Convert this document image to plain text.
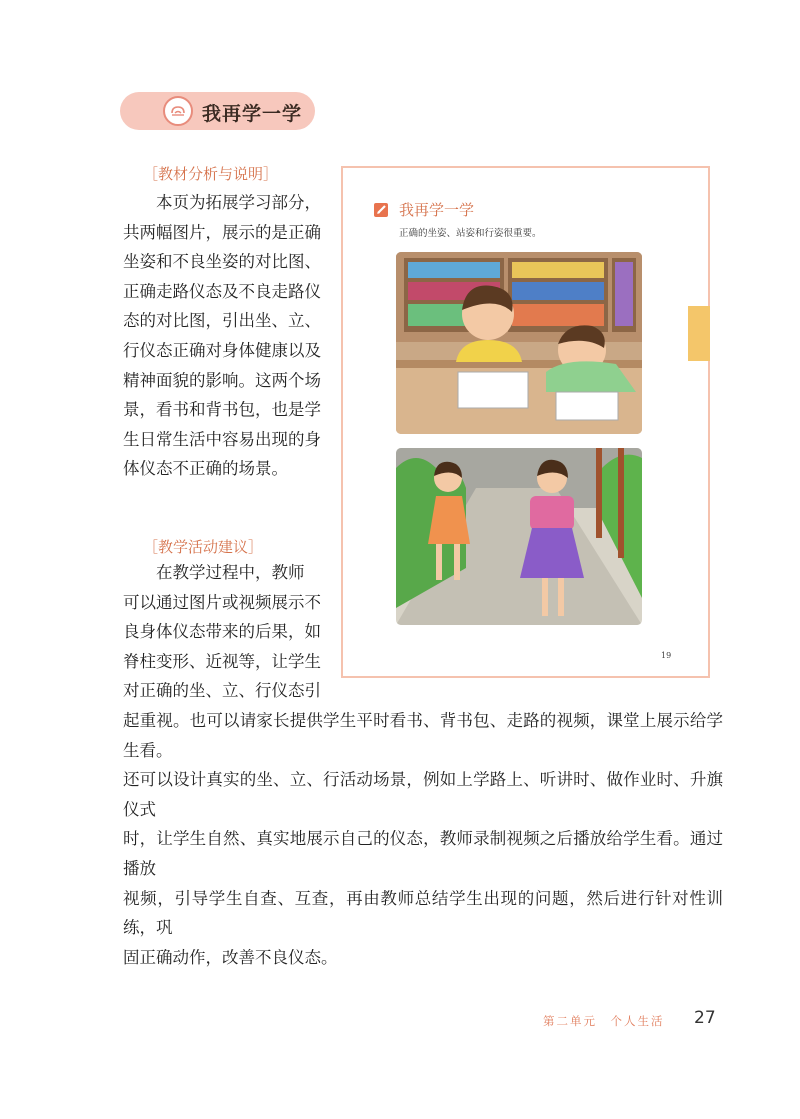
我再学一学
［教材分析与说明］
本页为拓展学习部分，
共两幅图片，展示的是正确
坐姿和不良坐姿的对比图、
正确走路仪态及不良走路仪
态的对比图，引出坐、立、
行仪态正确对身体健康以及
精神面貌的影响。这两个场
景，看书和背书包，也是学
生日常生活中容易出现的身
体仪态不正确的场景。
［教学活动建议］
在教学过程中，教师
可以通过图片或视频展示不
良身体仪态带来的后果，如
脊柱变形、近视等，让学生
对正确的坐、立、行仪态引
起重视。也可以请家长提供学生平时看书、背书包、走路的视频，课堂上展示给学生看。
还可以设计真实的坐、立、行活动场景，例如上学路上、听讲时、做作业时、升旗仪式
时，让学生自然、真实地展示自己的仪态，教师录制视频之后播放给学生看。通过播放
视频，引导学生自查、互查，再由教师总结学生出现的问题，然后进行针对性训练，巩
固正确动作，改善不良仪态。
我再学一学
正确的坐姿、站姿和行姿很重要。
19
第二单元　个人生活 27
